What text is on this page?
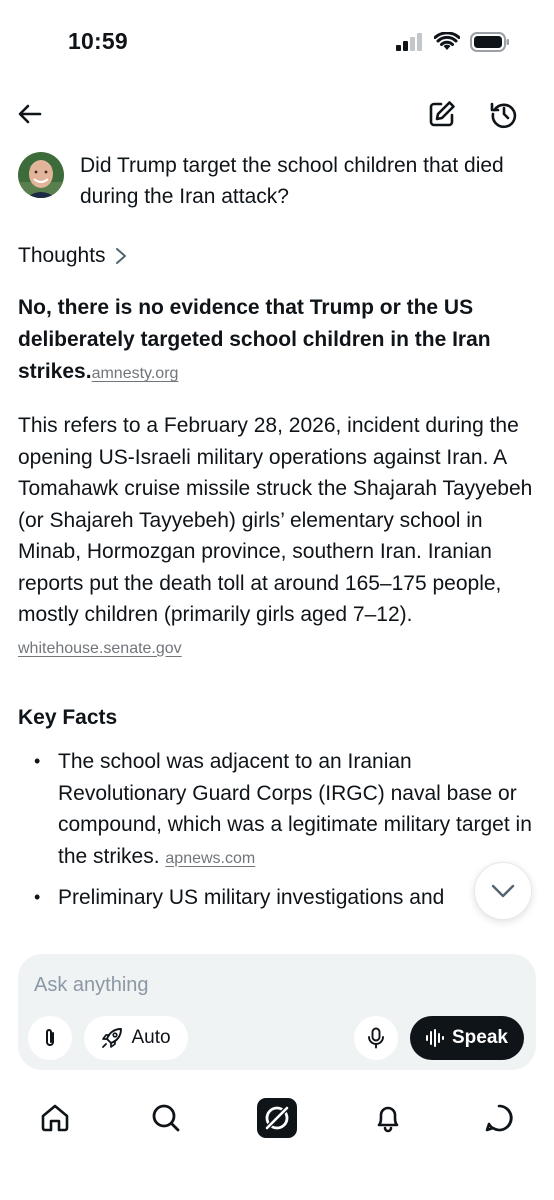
10:59
Did Trump target the school children that died during the Iran attack?
Thoughts

No, there is no evidence that Trump or the US deliberately targeted school children in the Iran strikes.amnesty.org

This refers to a February 28, 2026, incident during the opening US-Israeli military operations against Iran. A Tomahawk cruise missile struck the Shajarah Tayyebeh (or Shajareh Tayyebeh) girls’ elementary school in Minab, Hormozgan province, southern Iran. Iranian reports put the death toll at around 165–175 people, mostly children (primarily girls aged 7–12). whitehouse.senate.gov

Key Facts
• The school was adjacent to an Iranian Revolutionary Guard Corps (IRGC) naval base or compound, which was a legitimate military target in the strikes. apnews.com
• Preliminary US military investigations and
Ask anything
Auto	Speak
